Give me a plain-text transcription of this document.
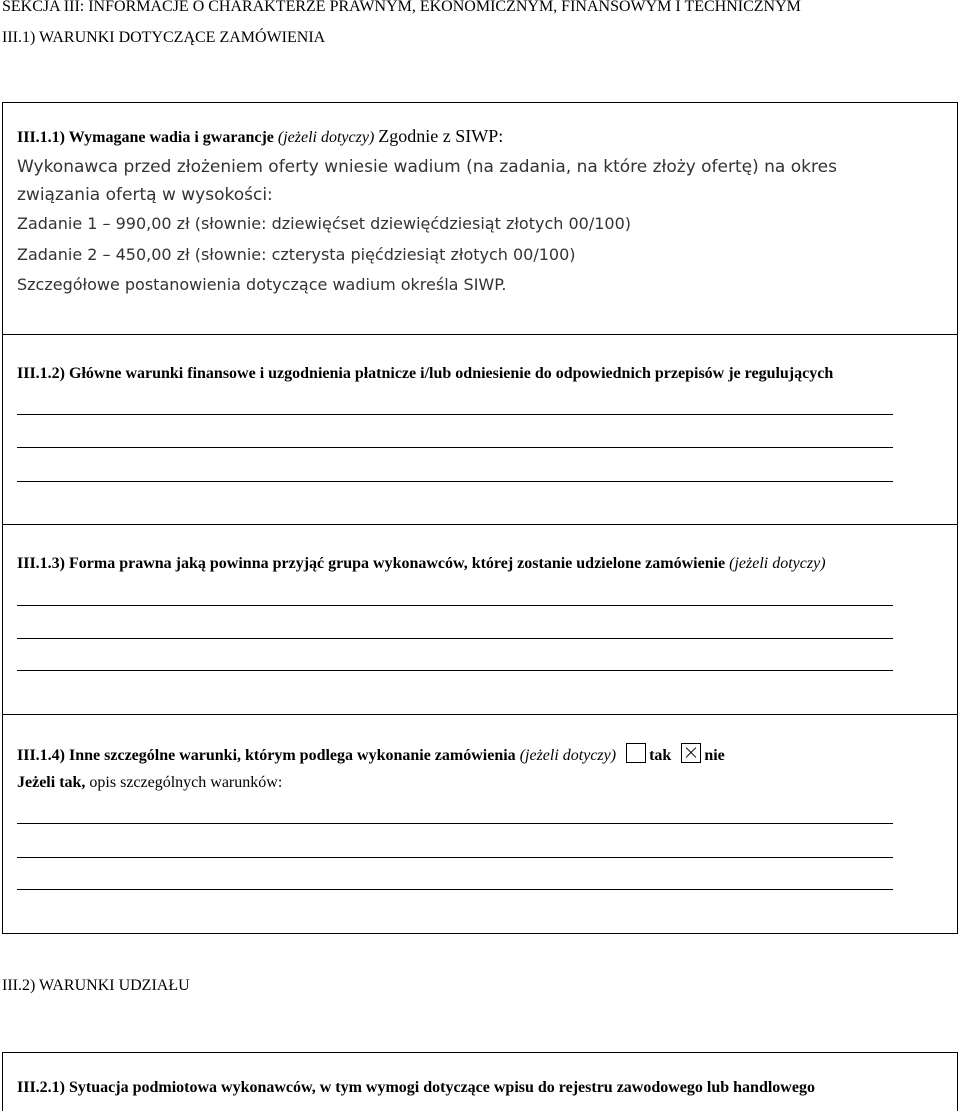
SEKCJA III: INFORMACJE O CHARAKTERZE PRAWNYM, EKONOMICZNYM, FINANSOWYM I TECHNICZNYM
III.1) WARUNKI DOTYCZĄCE ZAMÓWIENIA
III.1.1) Wymagane wadia i gwarancje (jeżeli dotyczy) Zgodnie z SIWP:
Wykonawca przed złożeniem oferty wniesie wadium (na zadania, na które złoży ofertę) na okres
związania ofertą w wysokości:
Zadanie 1 – 990,00 zł (słownie: dziewięćset dziewięćdziesiąt złotych 00/100)
Zadanie 2 – 450,00 zł (słownie: czterysta pięćdziesiąt złotych 00/100)
Szczegółowe postanowienia dotyczące wadium określa SIWP.
III.1.2) Główne warunki finansowe i uzgodnienia płatnicze i/lub odniesienie do odpowiednich przepisów je regulujących
III.1.3) Forma prawna jaką powinna przyjąć grupa wykonawców, której zostanie udzielone zamówienie (jeżeli dotyczy)
III.1.4) Inne szczególne warunki, którym podlega wykonanie zamówienia (jeżeli dotyczy) tak nie
Jeżeli tak, opis szczególnych warunków:
III.2) WARUNKI UDZIAŁU
III.2.1) Sytuacja podmiotowa wykonawców, w tym wymogi dotyczące wpisu do rejestru zawodowego lub handlowego
